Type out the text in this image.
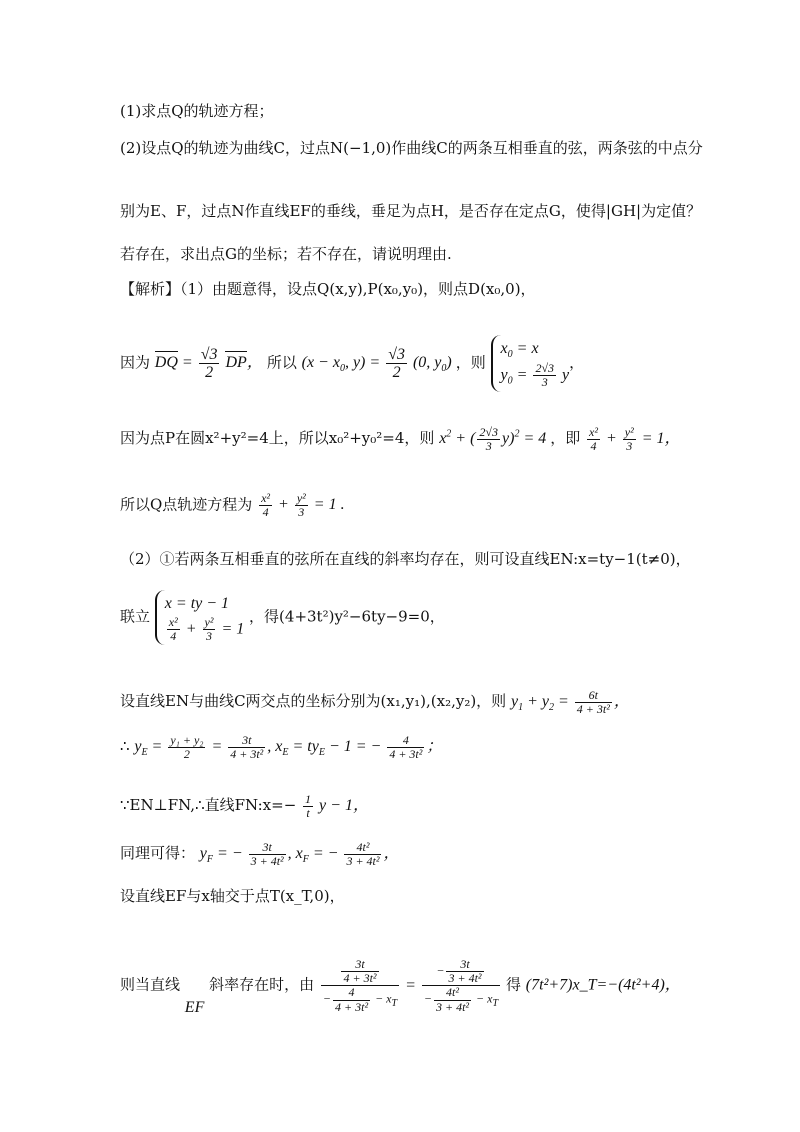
(1)求点Q的轨迹方程；
(2)设点Q的轨迹为曲线C，过点N(−1,0)作曲线C的两条互相垂直的弦，两条弦的中点分
别为E、F，过点N作直线EF的垂线，垂足为点H，是否存在定点G，使得|GH|为定值？
若存在，求出点G的坐标；若不存在，请说明理由.
【解析】（1）由题意得，设点Q(x,y),P(x₀,y₀)，则点D(x₀,0)，
因为 DQ = $\frac{√3}{2}$ DP， 所以 ($x - x_0$, $y) = \frac{√3}{2} (0$, $y_0$) ，则 $x_0 = x$
$y_0 = \frac{2√3}{3}$ y，
因为点P在圆x²+y²=4上，所以x₀²+y₀²=4，则 $x^2$ + ( $\frac{2√3}{3} y)^2 = 4$ ，即 $\frac{\text{x²}}{4} + \frac{\text{y²}}{3} = 1$，
所以Q点轨迹方程为 $\frac{\text{x²}}{4} + \frac{\text{y²}}{3} = 1$ .
（2）①若两条互相垂直的弦所在直线的斜率均存在，则可设直线EN:x=ty−1(t≠0)，
联立 x = ty − 1

$\frac{\text{x²}}{4} + \frac{\text{y²}}{3} = 1$ ，得(4+3t²)y²−6ty−9=0，
设直线EN与曲线C两交点的坐标分别为(x₁,y₁),(x₂,y₂)，则 $y_1 + y_2 = \frac{6t}{\text{4 + 3t²}}$ ，
∴ $y_E = \frac{\text{y₁ + y₂}}{2} = \frac{3t}{\text{4 + 3t²}}$ , $x_E = ty_E - 1$ = − $\frac{4}{\text{4 + 3t²}}$ ；
∵EN⊥FN,∴直线FN:x=− $\frac{1}{t}$ y − 1，
同理可得： $y_F$ = − $\frac{3t}{\text{3 + 4t²}}$ , $x_F$ = − $\frac{\text{4t²}}{\text{3 + 4t²}}$ ，
设直线EF与x轴交于点T(x_T,0)，
则当直线 EF 斜率存在时，由 $\frac{\frac{3t}{\text{4 + 3t²}}}{- \frac{4}{\text{4 + 3t²}} - x_T} = \frac{- \frac{3t}{\text{3 + 4t²}}}{- \frac{\text{4t²}}{\text{3 + 4t²}} - x_T}$ 得 (7t²+7)x_T=−(4t²+4)，
